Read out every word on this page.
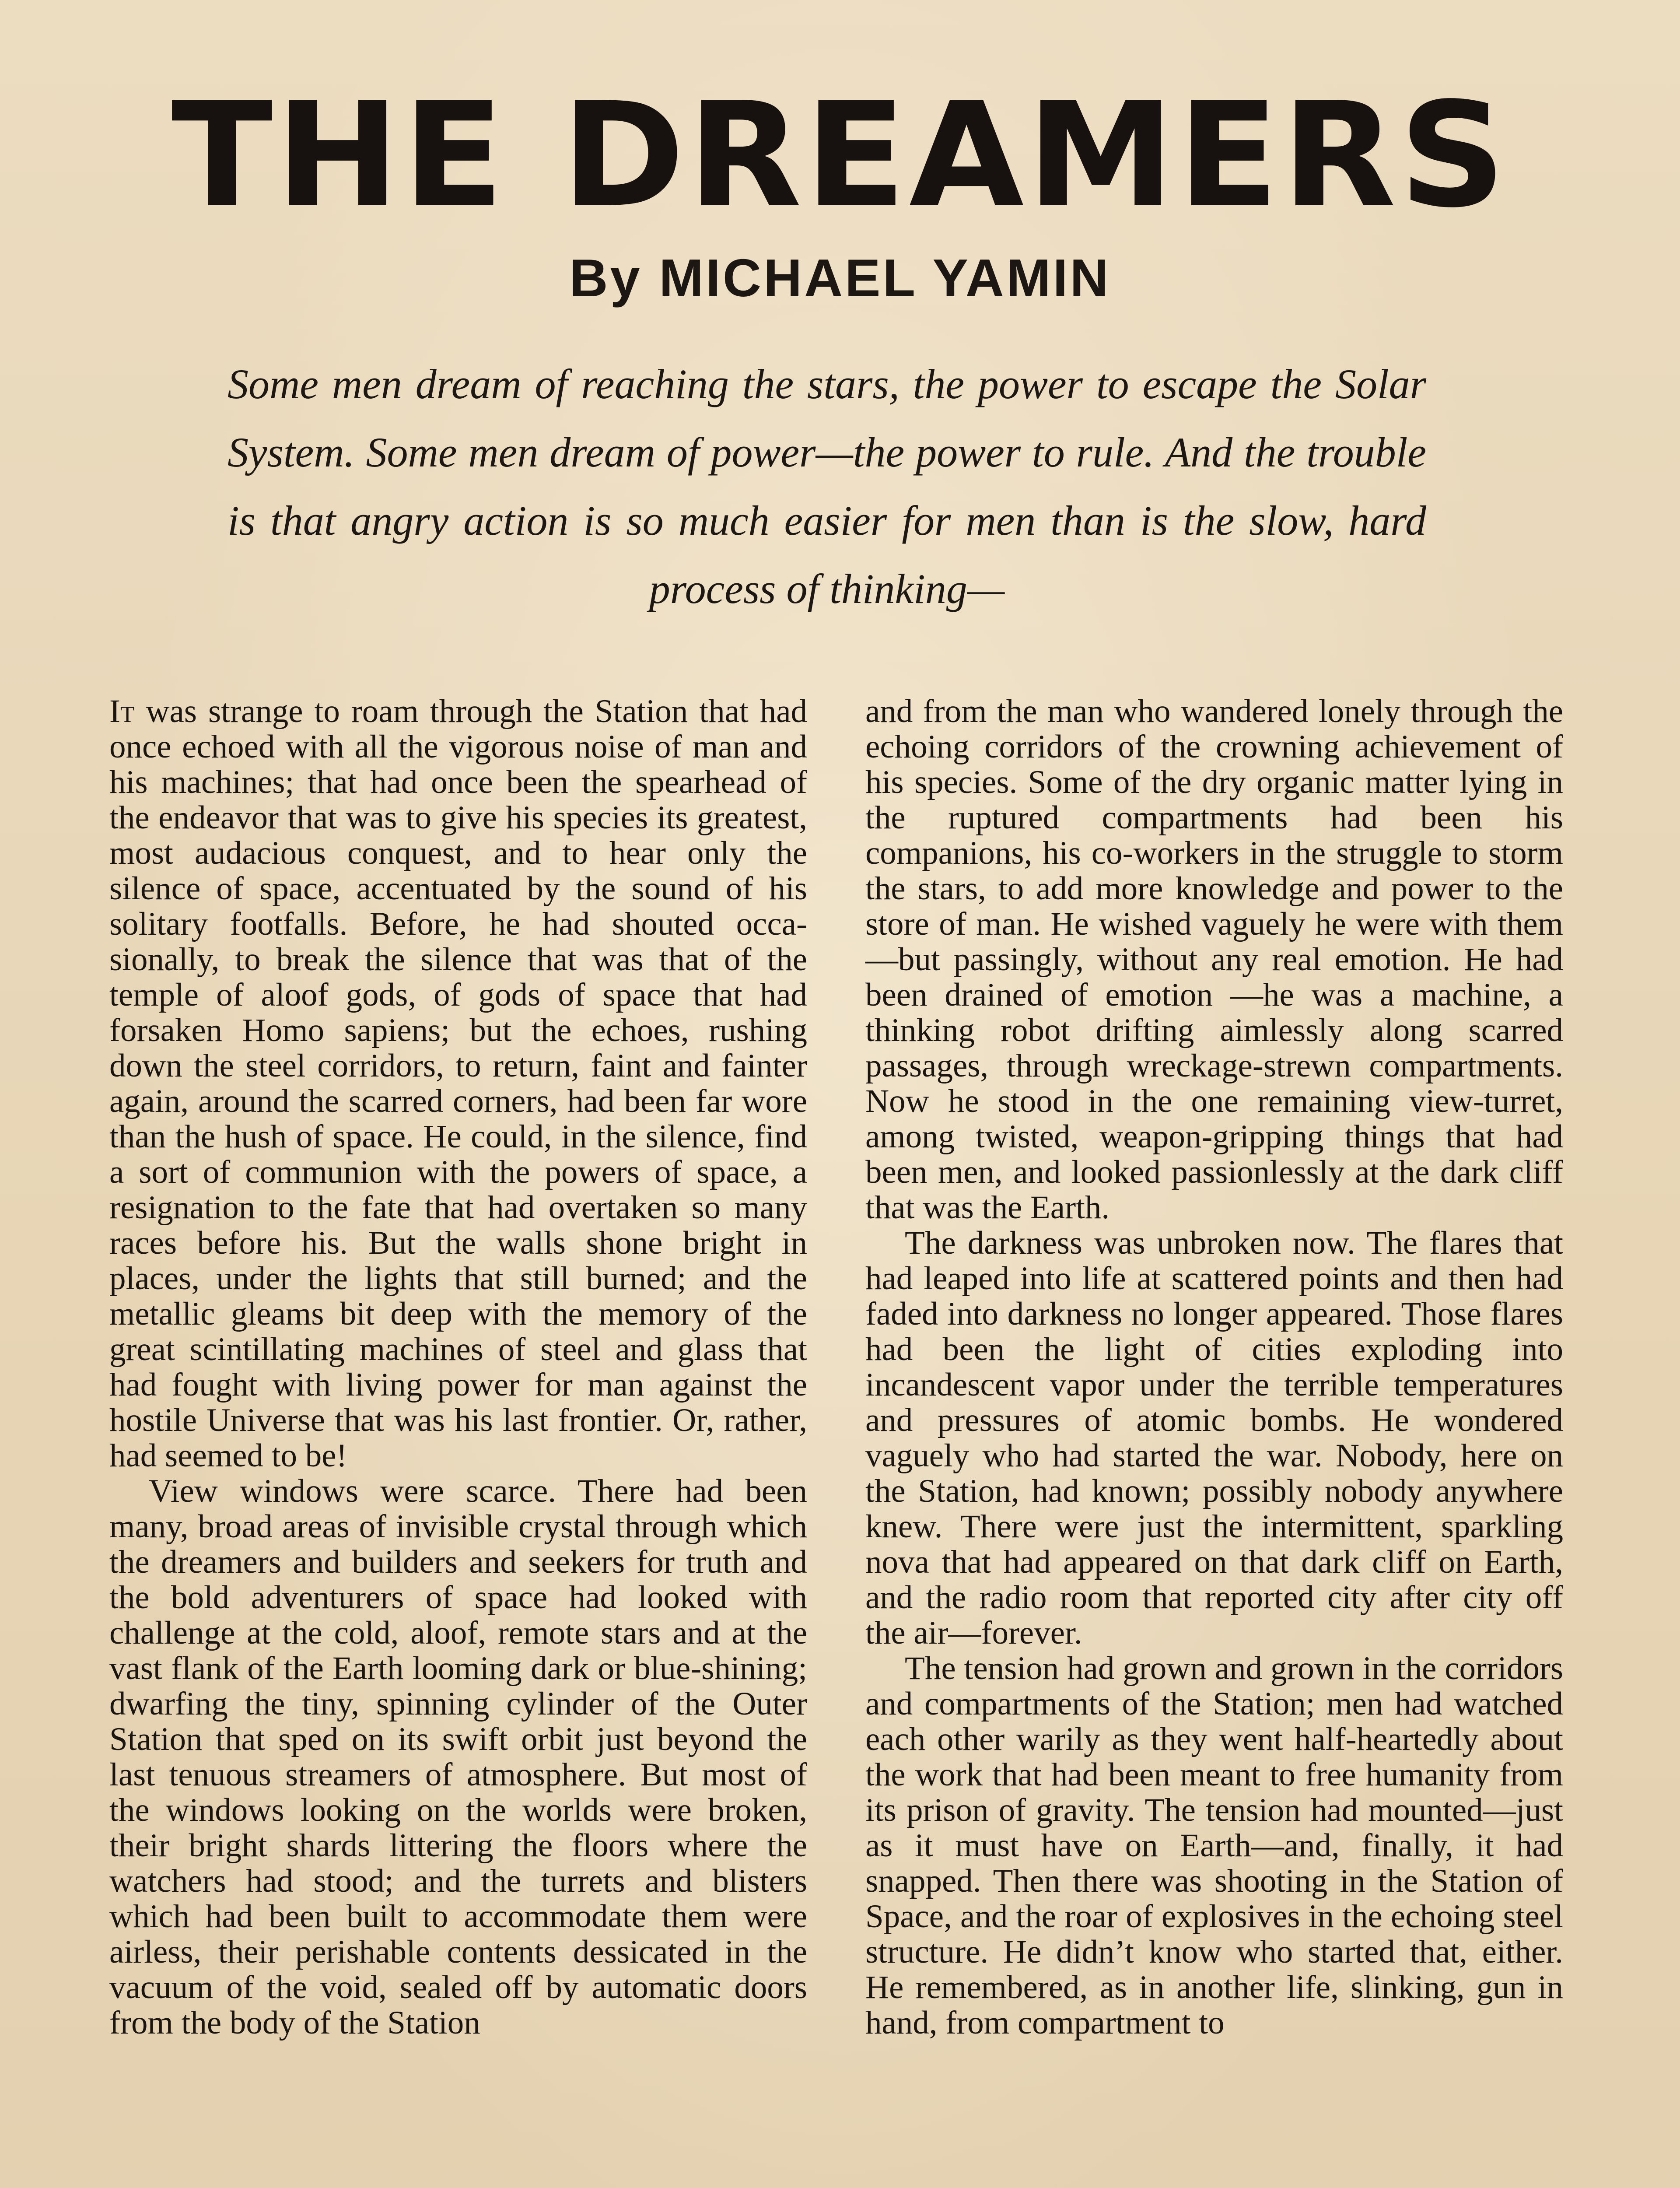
THE DREAMERS
By MICHAEL YAMIN
Some men dream of reaching the stars, the power to escape the Solar System. Some men dream of power—the power to rule. And the trouble is that angry action is so much easier for men than is the slow, hard process of thinking—

It was strange to roam through the Station that had once echoed with all the vigorous noise of man and his machines; that had once been the spearhead of the endeavor that was to give his species its greatest, most audacious conquest, and to hear only the silence of space, accentuated by the sound of his solitary footfalls. Before, he had shouted occasionally, to break the silence that was that of the temple of aloof gods, of gods of space that had forsaken Homo sapiens; but the echoes, rushing down the steel corridors, to return, faint and fainter again, around the scarred corners, had been far wore than the hush of space. He could, in the silence, find a sort of communion with the powers of space, a resignation to the fate that had overtaken so many races before his. But the walls shone bright in places, under the lights that still burned; and the metallic gleams bit deep with the memory of the great scintillating machines of steel and glass that had fought with living power for man against the hostile Universe that was his last frontier. Or, rather, had seemed to be!

View windows were scarce. There had been many, broad areas of invisible crystal through which the dreamers and builders and seekers for truth and the bold adventurers of space had looked with challenge at the cold, aloof, remote stars and at the vast flank of the Earth looming dark or blue-shining; dwarfing the tiny, spinning cylinder of the Outer Station that sped on its swift orbit just beyond the last tenuous streamers of atmosphere. But most of the windows looking on the worlds were broken, their bright shards littering the floors where the watchers had stood; and the turrets and blisters which had been built to accommodate them were airless, their perishable contents dessicated in the vacuum of the void, sealed off by automatic doors from the body of the Station

and from the man who wandered lonely through the echoing corridors of the crowning achievement of his species. Some of the dry organic matter lying in the ruptured compartments had been his companions, his co-workers in the struggle to storm the stars, to add more knowledge and power to the store of man. He wished vaguely he were with them—but passingly, without any real emotion. He had been drained of emotion —he was a machine, a thinking robot drifting aimlessly along scarred passages, through wreckage-strewn compartments. Now he stood in the one remaining view-turret, among twisted, weapon-gripping things that had been men, and looked passionlessly at the dark cliff that was the Earth.

The darkness was unbroken now. The flares that had leaped into life at scattered points and then had faded into darkness no longer appeared. Those flares had been the light of cities exploding into incandescent vapor under the terrible temperatures and pressures of atomic bombs. He wondered vaguely who had started the war. Nobody, here on the Station, had known; possibly nobody anywhere knew. There were just the intermittent, sparkling nova that had appeared on that dark cliff on Earth, and the radio room that reported city after city off the air—forever.

The tension had grown and grown in the corridors and compartments of the Station; men had watched each other warily as they went half-heartedly about the work that had been meant to free humanity from its prison of gravity. The tension had mounted—just as it must have on Earth—and, finally, it had snapped. Then there was shooting in the Station of Space, and the roar of explosives in the echoing steel structure. He didn’t know who started that, either. He remembered, as in another life, slinking, gun in hand, from compartment to
